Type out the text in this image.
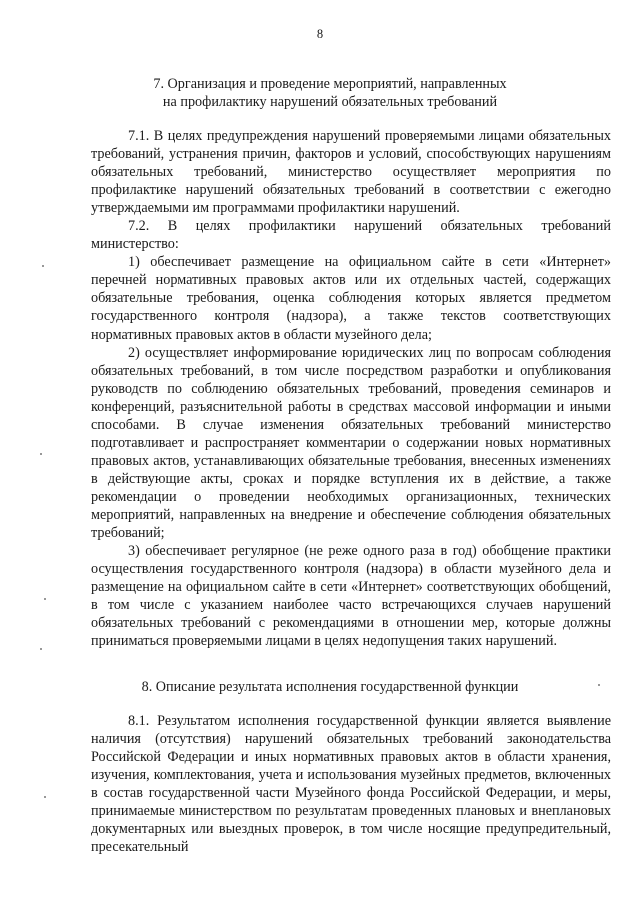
8
7. Организация и проведение мероприятий, направленных
на профилактику нарушений обязательных требований

7.1. В целях предупреждения нарушений проверяемыми лицами обязательных требований, устранения причин, факторов и условий, способствующих нарушениям обязательных требований, министерство осуществляет мероприятия по профилактике нарушений обязательных требований в соответствии с ежегодно утверждаемыми им программами профилактики нарушений.

7.2. В целях профилактики нарушений обязательных требований министерство:

1) обеспечивает размещение на официальном сайте в сети «Интернет» перечней нормативных правовых актов или их отдельных частей, содержащих обязательные требования, оценка соблюдения которых является предметом государственного контроля (надзора), а также текстов соответствующих нормативных правовых актов в области музейного дела;

2) осуществляет информирование юридических лиц по вопросам соблюдения обязательных требований, в том числе посредством разработки и опубликования руководств по соблюдению обязательных требований, проведения семинаров и конференций, разъяснительной работы в средствах массовой информации и иными способами. В случае изменения обязательных требований министерство подготавливает и распространяет комментарии о содержании новых нормативных правовых актов, устанавливающих обязательные требования, внесенных изменениях в действующие акты, сроках и порядке вступления их в действие, а также рекомендации о проведении необходимых организационных, технических мероприятий, направленных на внедрение и обеспечение соблюдения обязательных требований;

3) обеспечивает регулярное (не реже одного раза в год) обобщение практики осуществления государственного контроля (надзора) в области музейного дела и размещение на официальном сайте в сети «Интернет» соответствующих обобщений, в том числе с указанием наиболее часто встречающихся случаев нарушений обязательных требований с рекомендациями в отношении мер, которые должны приниматься проверяемыми лицами в целях недопущения таких нарушений.

8. Описание результата исполнения государственной функции

8.1. Результатом исполнения государственной функции является выявление наличия (отсутствия) нарушений обязательных требований законодательства Российской Федерации и иных нормативных правовых актов в области хранения, изучения, комплектования, учета и использования музейных предметов, включенных в состав государственной части Музейного фонда Российской Федерации, и меры, принимаемые министерством по результатам проведенных плановых и внеплановых документарных или выездных проверок, в том числе носящие предупредительный, пресекательный
